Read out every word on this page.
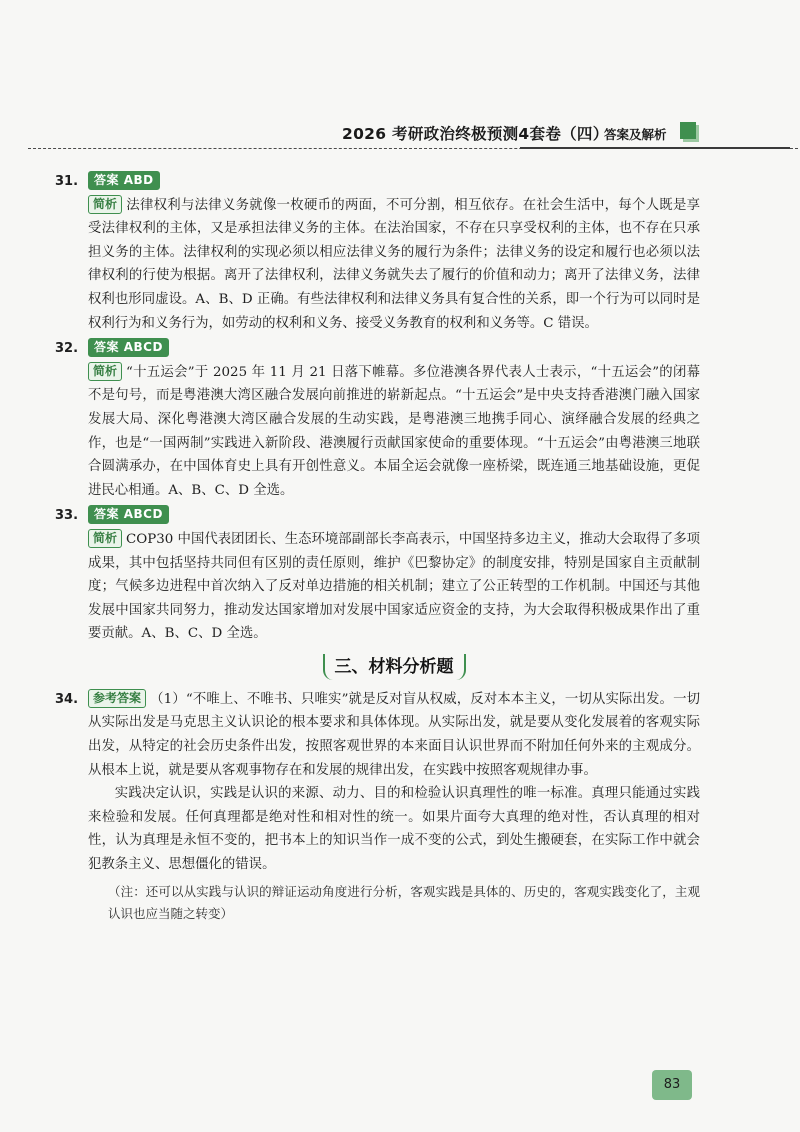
2026 考研政治终极预测4套卷（四）
答案及解析
31.	答案 ABD

简析 法律权利与法律义务就像一枚硬币的两面，不可分割，相互依存。在社会生活中，每个人既是享受法律权利的主体，又是承担法律义务的主体。在法治国家，不存在只享受权利的主体，也不存在只承担义务的主体。法律权利的实现必须以相应法律义务的履行为条件；法律义务的设定和履行也必须以法律权利的行使为根据。离开了法律权利，法律义务就失去了履行的价值和动力；离开了法律义务，法律权利也形同虚设。A、B、D 正确。有些法律权利和法律义务具有复合性的关系，即一个行为可以同时是权利行为和义务行为，如劳动的权利和义务、接受义务教育的权利和义务等。C 错误。

32.	答案 ABCD

简析 “十五运会”于 2025 年 11 月 21 日落下帷幕。多位港澳各界代表人士表示，“十五运会”的闭幕不是句号，而是粤港澳大湾区融合发展向前推进的崭新起点。“十五运会”是中央支持香港澳门融入国家发展大局、深化粤港澳大湾区融合发展的生动实践，是粤港澳三地携手同心、演绎融合发展的经典之作，也是“一国两制”实践进入新阶段、港澳履行贡献国家使命的重要体现。“十五运会”由粤港澳三地联合圆满承办，在中国体育史上具有开创性意义。本届全运会就像一座桥梁，既连通三地基础设施，更促进民心相通。A、B、C、D 全选。

33.	答案 ABCD

简析 COP30 中国代表团团长、生态环境部副部长李高表示，中国坚持多边主义，推动大会取得了多项成果，其中包括坚持共同但有区别的责任原则，维护《巴黎协定》的制度安排，特别是国家自主贡献制度；气候多边进程中首次纳入了反对单边措施的相关机制；建立了公正转型的工作机制。中国还与其他发展中国家共同努力，推动发达国家增加对发展中国家适应资金的支持，为大会取得积极成果作出了重要贡献。A、B、C、D 全选。

三、材料分析题
34.	参考答案 （1）“不唯上、不唯书、只唯实”就是反对盲从权威，反对本本主义，一切从实际出发。一切从实际出发是马克思主义认识论的根本要求和具体体现。从实际出发，就是要从变化发展着的客观实际出发，从特定的社会历史条件出发，按照客观世界的本来面目认识世界而不附加任何外来的主观成分。从根本上说，就是要从客观事物存在和发展的规律出发，在实践中按照客观规律办事。

实践决定认识，实践是认识的来源、动力、目的和检验认识真理性的唯一标准。真理只能通过实践来检验和发展。任何真理都是绝对性和相对性的统一。如果片面夸大真理的绝对性，否认真理的相对性，认为真理是永恒不变的，把书本上的知识当作一成不变的公式，到处生搬硬套，在实际工作中就会犯教条主义、思想僵化的错误。

（注：还可以从实践与认识的辩证运动角度进行分析，客观实践是具体的、历史的，客观实践变化了，主观认识也应当随之转变）

83
